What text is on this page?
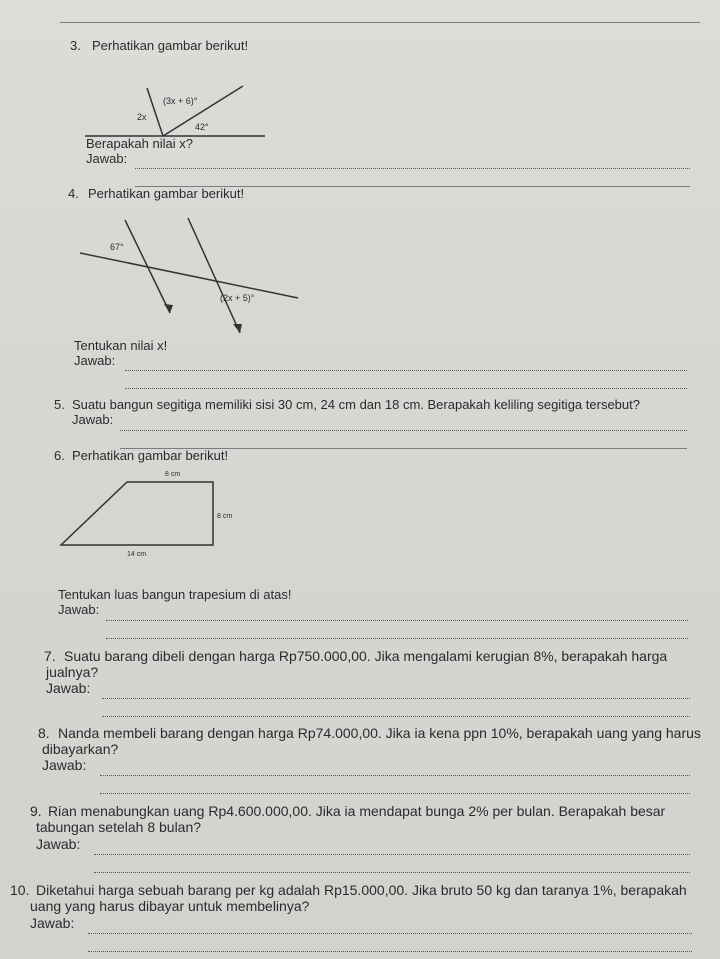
3. Perhatikan gambar berikut!
(3x + 6)°
2x
42°
Berapakah nilai x?
Jawab:
4. Perhatikan gambar berikut!
67°
(2x + 5)°
Tentukan nilai x!
Jawab:
5. Suatu bangun segitiga memiliki sisi 30 cm, 24 cm dan 18 cm. Berapakah keliling segitiga tersebut?
Jawab:
6. Perhatikan gambar berikut!
8 cm
8 cm
14 cm
Tentukan luas bangun trapesium di atas!
Jawab:
7. Suatu barang dibeli dengan harga Rp750.000,00. Jika mengalami kerugian 8%, berapakah harga
jualnya?
Jawab:
8. Nanda membeli barang dengan harga Rp74.000,00. Jika ia kena ppn 10%, berapakah uang yang harus
dibayarkan?
Jawab:
9. Rian menabungkan uang Rp4.600.000,00. Jika ia mendapat bunga 2% per bulan. Berapakah besar
tabungan setelah 8 bulan?
Jawab:
10. Diketahui harga sebuah barang per kg adalah Rp15.000,00. Jika bruto 50 kg dan taranya 1%, berapakah
uang yang harus dibayar untuk membelinya?
Jawab:
